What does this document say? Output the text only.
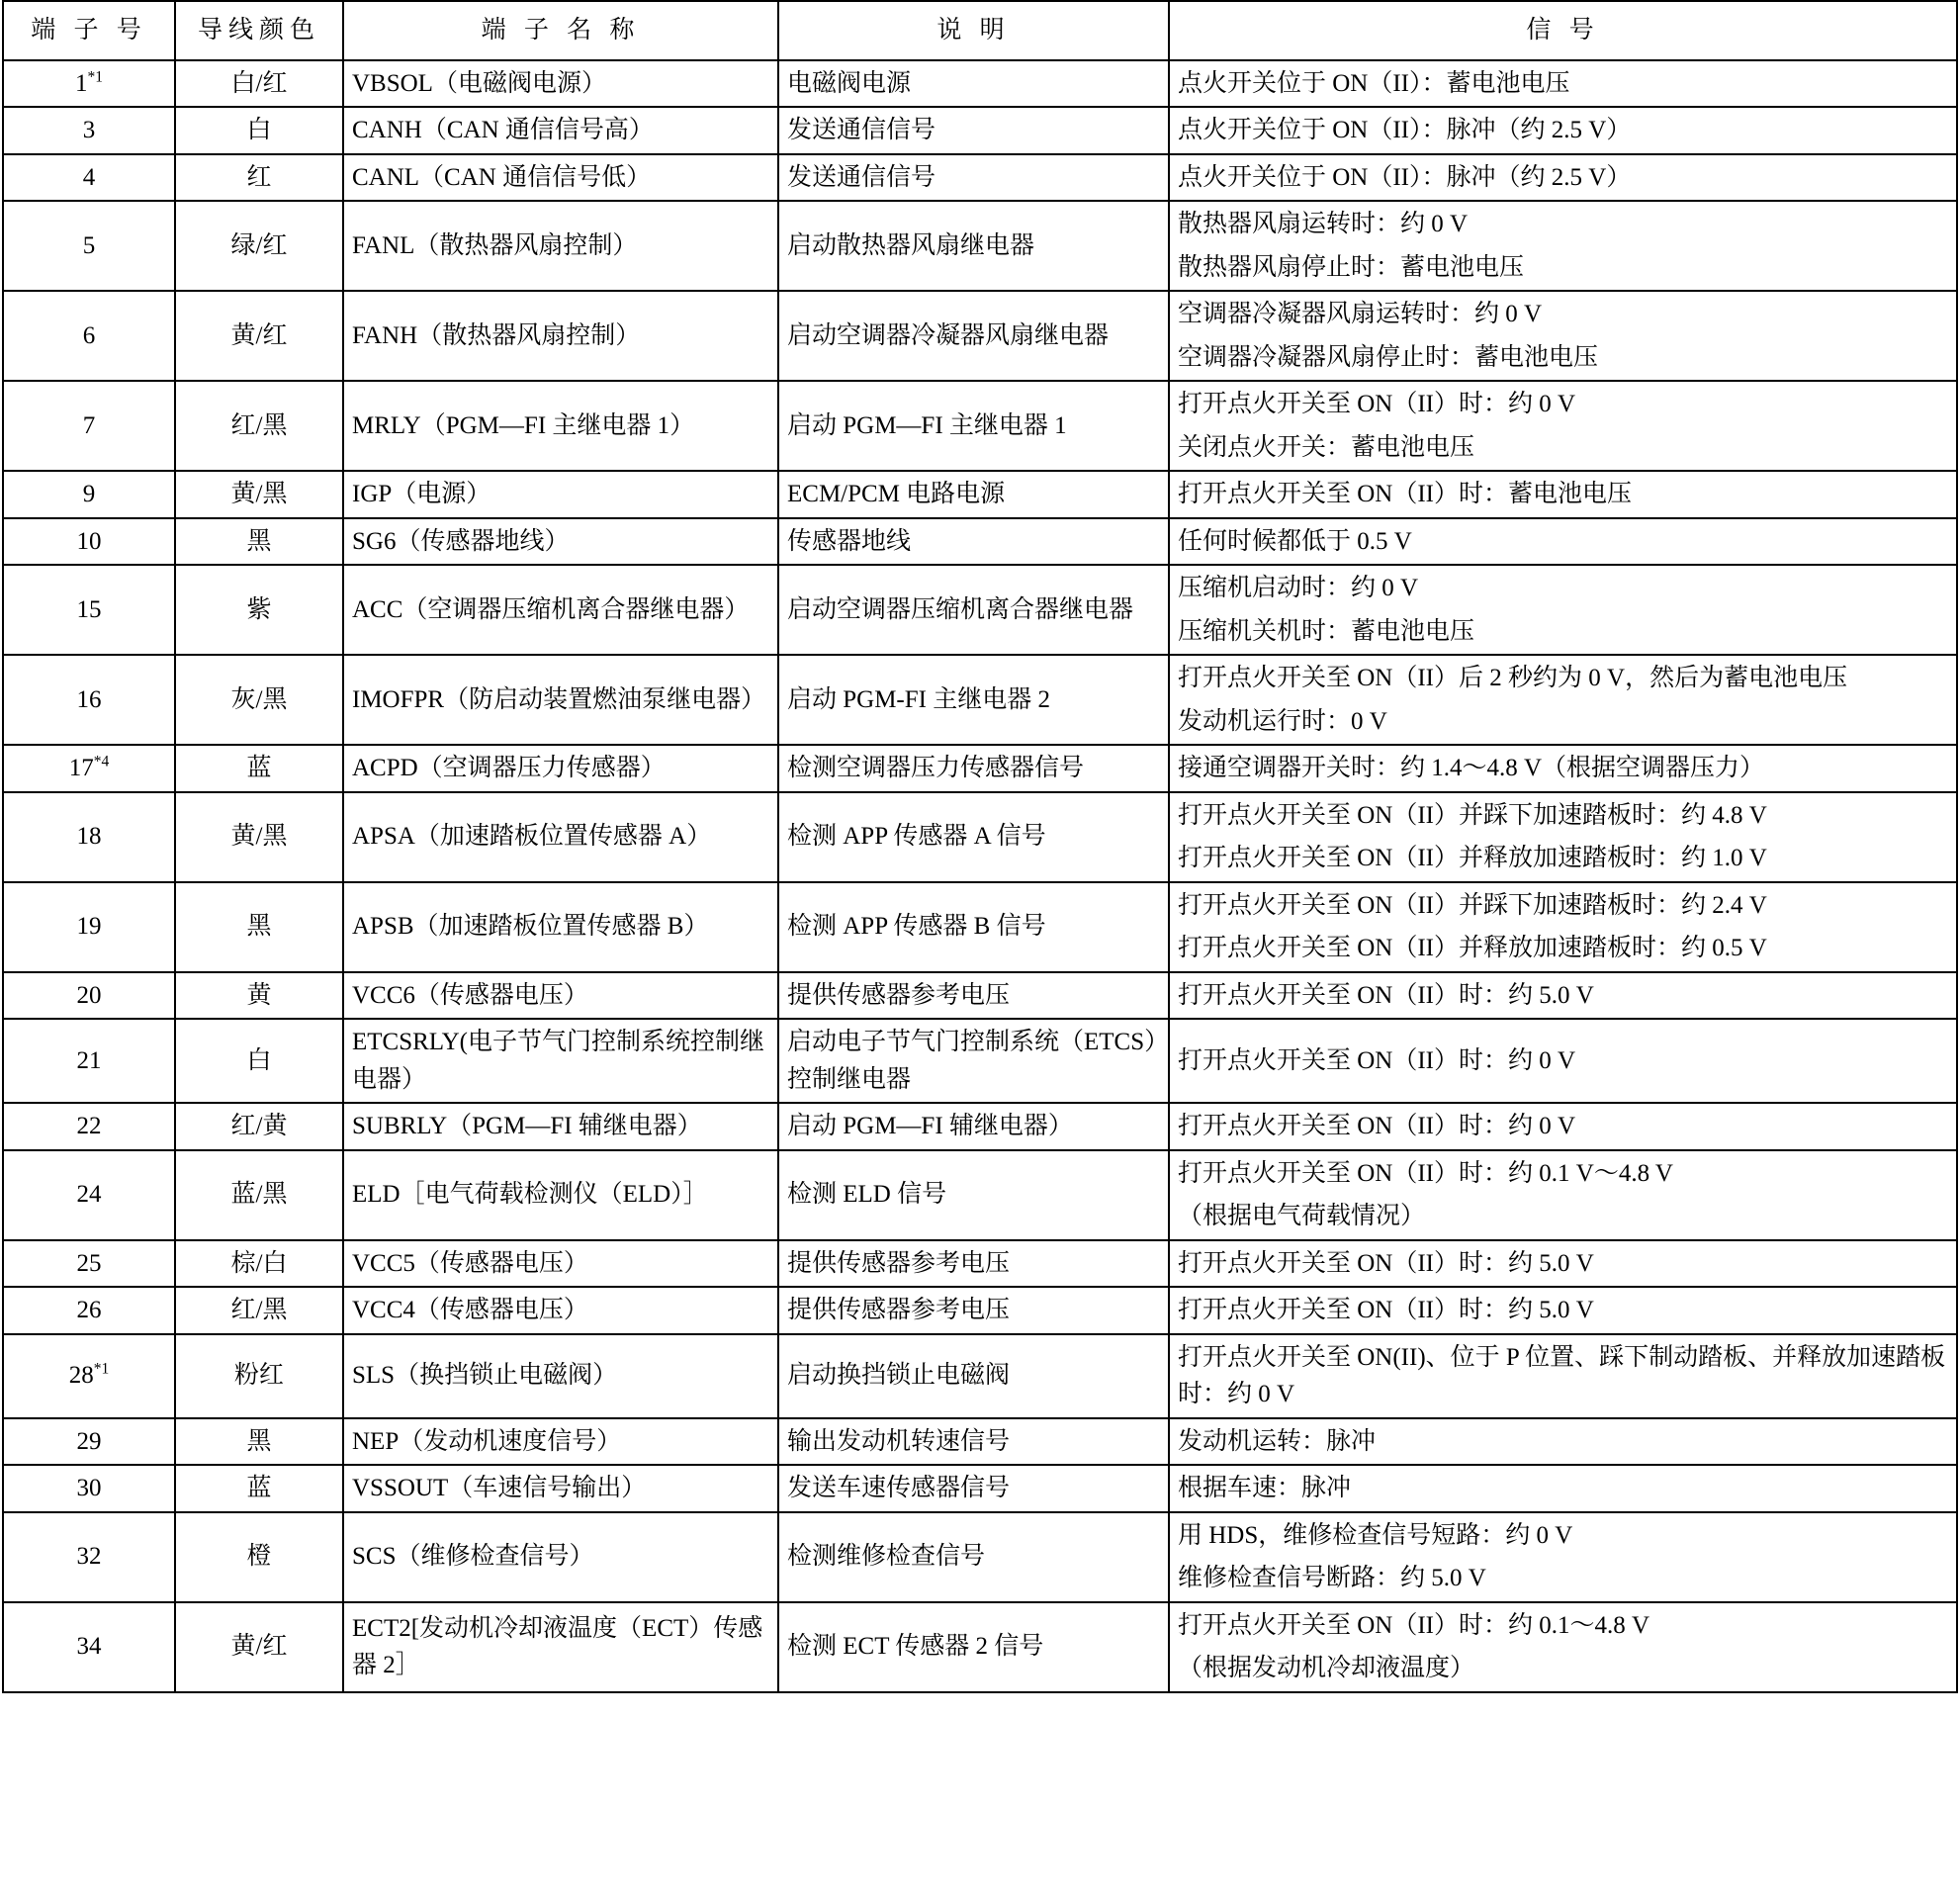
端 子 号	导线颜色	端 子 名 称	说 明	信 号
1$^{*1}$	白/红	VBSOL（电磁阀电源）	电磁阀电源	点火开关位于 ON（II）：蓄电池电压

3	白	CANH（CAN 通信信号高）	发送通信信号	点火开关位于 ON（II）：脉冲（约 2.5 V）

4	红	CANL（CAN 通信信号低）	发送通信信号	点火开关位于 ON（II）：脉冲（约 2.5 V）

5	绿/红	FANL（散热器风扇控制）	启动散热器风扇继电器	散热器风扇运转时：约 0 V
散热器风扇停止时：蓄电池电压

6	黄/红	FANH（散热器风扇控制）	启动空调器冷凝器风扇继电器	空调器冷凝器风扇运转时：约 0 V
空调器冷凝器风扇停止时：蓄电池电压

7	红/黑	MRLY（PGM—FI 主继电器 1）	启动 PGM—FI 主继电器 1	打开点火开关至 ON（II）时：约 0 V
关闭点火开关：蓄电池电压

9	黄/黑	IGP（电源）	ECM/PCM 电路电源	打开点火开关至 ON（II）时：蓄电池电压

10	黑	SG6（传感器地线）	传感器地线	任何时候都低于 0.5 V

15	紫	ACC（空调器压缩机离合器继电器）	启动空调器压缩机离合器继电器	压缩机启动时：约 0 V
压缩机关机时：蓄电池电压

16	灰/黑	IMOFPR（防启动装置燃油泵继电器）	启动 PGM-FI 主继电器 2	打开点火开关至 ON（II）后 2 秒约为 0 V，然后为蓄电池电压
发动机运行时：0 V

17$^{*4}$	蓝	ACPD（空调器压力传感器）	检测空调器压力传感器信号	接通空调器开关时：约 1.4～4.8 V（根据空调器压力）

18	黄/黑	APSA（加速踏板位置传感器 A）	检测 APP 传感器 A 信号	打开点火开关至 ON（II）并踩下加速踏板时：约 4.8 V
打开点火开关至 ON（II）并释放加速踏板时：约 1.0 V

19	黑	APSB（加速踏板位置传感器 B）	检测 APP 传感器 B 信号	打开点火开关至 ON（II）并踩下加速踏板时：约 2.4 V
打开点火开关至 ON（II）并释放加速踏板时：约 0.5 V

20	黄	VCC6（传感器电压）	提供传感器参考电压	打开点火开关至 ON（II）时：约 5.0 V

21	白	ETCSRLY(电子节气门控制系统控制继电器）	启动电子节气门控制系统（ETCS）控制继电器	打开点火开关至 ON（II）时：约 0 V

22	红/黄	SUBRLY（PGM—FI 辅继电器）	启动 PGM—FI 辅继电器）	打开点火开关至 ON（II）时：约 0 V

24	蓝/黑	ELD［电气荷载检测仪（ELD）］	检测 ELD 信号	打开点火开关至 ON（II）时：约 0.1 V～4.8 V
（根据电气荷载情况）

25	棕/白	VCC5（传感器电压）	提供传感器参考电压	打开点火开关至 ON（II）时：约 5.0 V

26	红/黑	VCC4（传感器电压）	提供传感器参考电压	打开点火开关至 ON（II）时：约 5.0 V

28$^{*1}$	粉红	SLS（换挡锁止电磁阀）	启动换挡锁止电磁阀	打开点火开关至 ON(II)、位于 P 位置、踩下制动踏板、并释放加速踏板时：约 0 V

29	黑	NEP（发动机速度信号）	输出发动机转速信号	发动机运转：脉冲

30	蓝	VSSOUT（车速信号输出）	发送车速传感器信号	根据车速：脉冲

32	橙	SCS（维修检查信号）	检测维修检查信号	用 HDS，维修检查信号短路：约 0 V
维修检查信号断路：约 5.0 V

34	黄/红	ECT2[发动机冷却液温度（ECT）传感器 2］	检测 ECT 传感器 2 信号	打开点火开关至 ON（II）时：约 0.1～4.8 V
（根据发动机冷却液温度）
